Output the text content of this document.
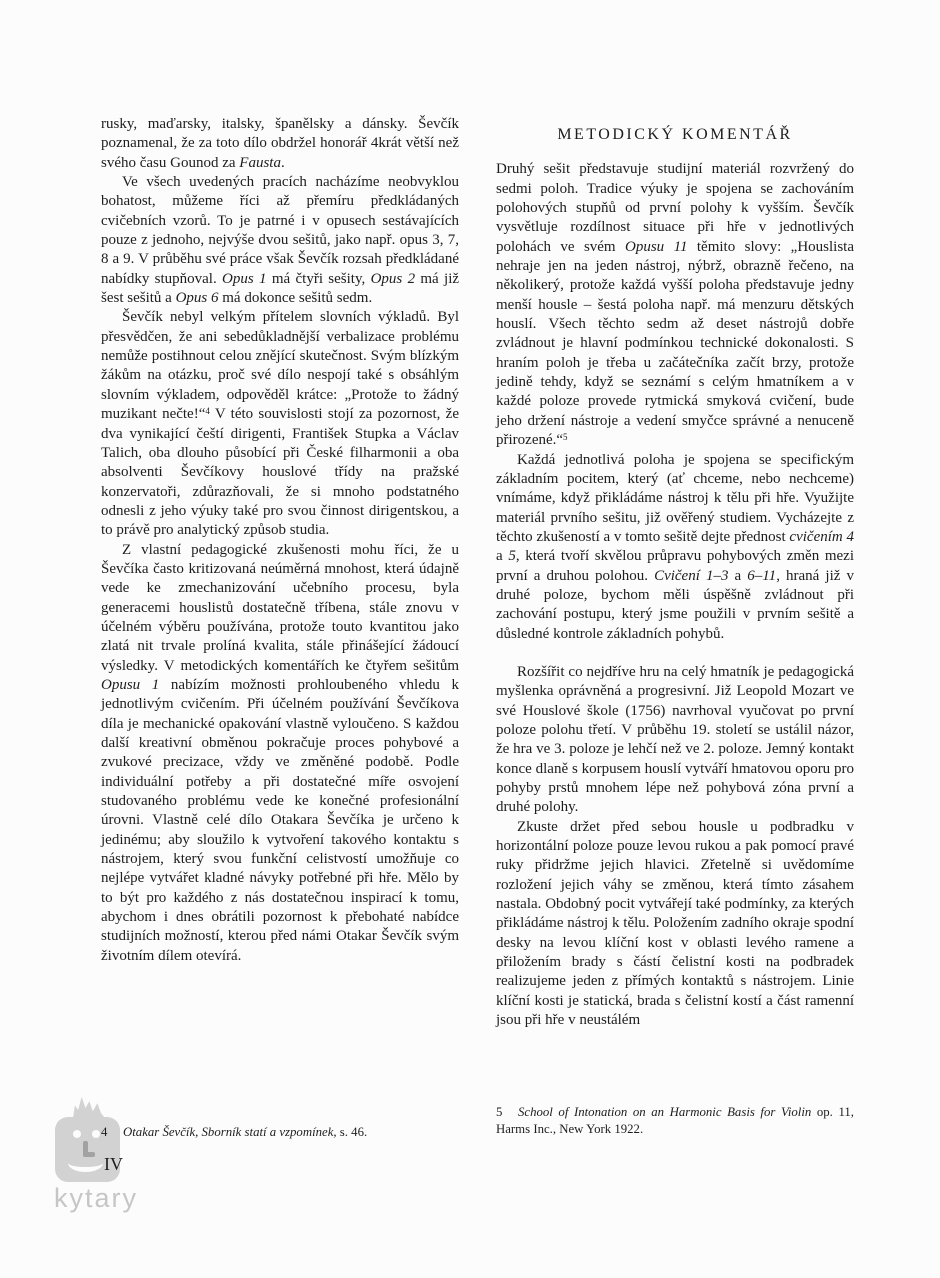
kytary

rusky, maďarsky, italsky, španělsky a dánsky. Ševčík poznamenal, že za toto dílo obdržel honorář 4krát větší než svého času Gounod za Fausta.

Ve všech uvedených pracích nacházíme neobvyklou bohatost, můžeme říci až přemíru předkládaných cvičebních vzorů. To je patrné i v opusech sestávajících pouze z jednoho, nejvýše dvou sešitů, jako např. opus 3, 7, 8 a 9. V průběhu své práce však Ševčík rozsah předkládané nabídky stupňoval. Opus 1 má čtyři sešity, Opus 2 má již šest sešitů a Opus 6 má dokonce sešitů sedm.

Ševčík nebyl velkým přítelem slovních výkladů. Byl přesvědčen, že ani sebedůkladnější verbalizace problému nemůže postihnout celou znějící skutečnost. Svým blízkým žákům na otázku, proč své dílo nespojí také s obsáhlým slovním výkladem, odpověděl krátce: „Protože to žádný muzikant nečte!“$^4$ V této souvislosti stojí za pozornost, že dva vynikající čeští dirigenti, František Stupka a Václav Talich, oba dlouho působící při České filharmonii a oba absolventi Ševčíkovy houslové třídy na pražské konzervatoři, zdůrazňovali, že si mnoho podstatného odnesli z jeho výuky také pro svou činnost dirigentskou, a to právě pro analytický způsob studia.

Z vlastní pedagogické zkušenosti mohu říci, že u Ševčíka často kritizovaná neúměrná mnohost, která údajně vede ke zmechanizování učebního procesu, byla generacemi houslistů dostatečně tříbena, stále znovu v účelném výběru používána, protože touto kvantitou jako zlatá nit trvale prolíná kvalita, stále přinášející žádoucí výsledky. V metodických komentářích ke čtyřem sešitům Opusu 1 nabízím možnosti prohloubeného vhledu k jednotlivým cvičením. Při účelném používání Ševčíkova díla je mechanické opakování vlastně vyloučeno. S každou další kreativní obměnou pokračuje proces pohybové a zvukové precizace, vždy ve změněné podobě. Podle individuální potřeby a při dostatečné míře osvojení studovaného problému vede ke konečné profesionální úrovni. Vlastně celé dílo Otakara Ševčíka je určeno k jedinému; aby sloužilo k vytvoření takového kontaktu s nástrojem, který svou funkční celistvostí umožňuje co nejlépe vytvářet kladné návyky potřebné při hře. Mělo by to být pro každého z nás dostatečnou inspirací k tomu, abychom i dnes obrátili pozornost k přebohaté nabídce studijních možností, kterou před námi Otakar Ševčík svým životním dílem otevírá.

METODICKÝ KOMENTÁŘ

Druhý sešit představuje studijní materiál rozvržený do sedmi poloh. Tradice výuky je spojena se zachováním polohových stupňů od první polohy k vyšším. Ševčík vysvětluje rozdílnost situace při hře v jednotlivých polohách ve svém Opusu 11 těmito slovy: „Houslista nehraje jen na jeden nástroj, nýbrž, obrazně řečeno, na několikerý, protože každá vyšší poloha představuje jedny menší housle – šestá poloha např. má menzuru dětských houslí. Všech těchto sedm až deset nástrojů dobře zvládnout je hlavní podmínkou technické dokonalosti. S hraním poloh je třeba u začátečníka začít brzy, protože jedině tehdy, když se seznámí s celým hmatníkem a v každé poloze provede rytmická smyková cvičení, bude jeho držení nástroje a vedení smyčce správné a nenuceně přirozené.“$^5$

Každá jednotlivá poloha je spojena se specifickým základním pocitem, který (ať chceme, nebo nechceme) vnímáme, když přikládáme nástroj k tělu při hře. Využijte materiál prvního sešitu, již ověřený studiem. Vycházejte z těchto zkušeností a v tomto sešitě dejte přednost cvičením 4 a 5, která tvoří skvělou průpravu pohybových změn mezi první a druhou polohou. Cvičení 1–3 a 6–11, hraná již v druhé poloze, bychom měli úspěšně zvládnout při zachování postupu, který jsme použili v prvním sešitě a důsledné kontrole základních pohybů.

Rozšířit co nejdříve hru na celý hmatník je pedagogická myšlenka oprávněná a progresivní. Již Leopold Mozart ve své Houslové škole (1756) navrhoval vyučovat po první poloze polohu třetí. V průběhu 19. století se ustálil názor, že hra ve 3. poloze je lehčí než ve 2. poloze. Jemný kontakt konce dlaně s korpusem houslí vytváří hmatovou oporu pro pohyby prstů mnohem lépe než pohybová zóna první a druhé polohy.

Zkuste držet před sebou housle u podbradku v horizontální poloze pouze levou rukou a pak pomocí pravé ruky přidržme jejich hlavici. Zřetelně si uvědomíme rozložení jejich váhy se změnou, která tímto zásahem nastala. Obdobný pocit vytvářejí také podmínky, za kterých přikládáme nástroj k tělu. Položením zadního okraje spodní desky na levou klíční kost v oblasti levého ramene a přiložením brady s částí čelistní kosti na podbradek realizujeme jeden z přímých kontaktů s nástrojem. Linie klíční kosti je statická, brada s čelistní kostí a část ramenní jsou při hře v neustálém

4 Otakar Ševčík, Sborník statí a vzpomínek, s. 46.
5 School of Intonation on an Harmonic Basis for Violin op. 11, Harms Inc., New York 1922.
IV
